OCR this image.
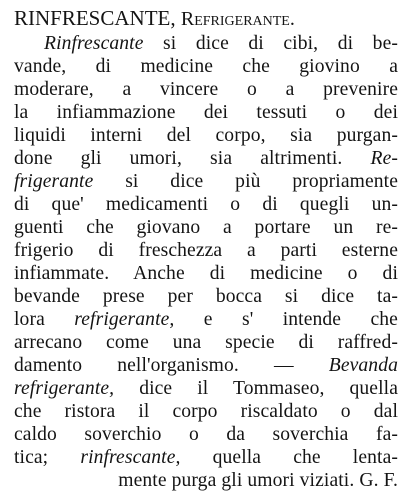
RINFRESCANTE, Refrigerante.
Rinfrescante si dice di cibi, di be-
vande, di medicine che giovino a
moderare, a vincere o a prevenire
la infiammazione dei tessuti o dei
liquidi interni del corpo, sia purgan-
done gli umori, sia altrimenti. Re-
frigerante si dice più propriamente
di que' medicamenti o di quegli un-
guenti che giovano a portare un re-
frigerio di freschezza a parti esterne
infiammate. Anche di medicine o di
bevande prese per bocca si dice ta-
lora refrigerante, e s' intende che
arrecano come una specie di raffred-
damento nell'organismo. — Bevanda
refrigerante, dice il Tommaseo, quella
che ristora il corpo riscaldato o dal
caldo soverchio o da soverchia fa-
tica; rinfrescante, quella che lenta-
mente purga gli umori viziati. G. F.
